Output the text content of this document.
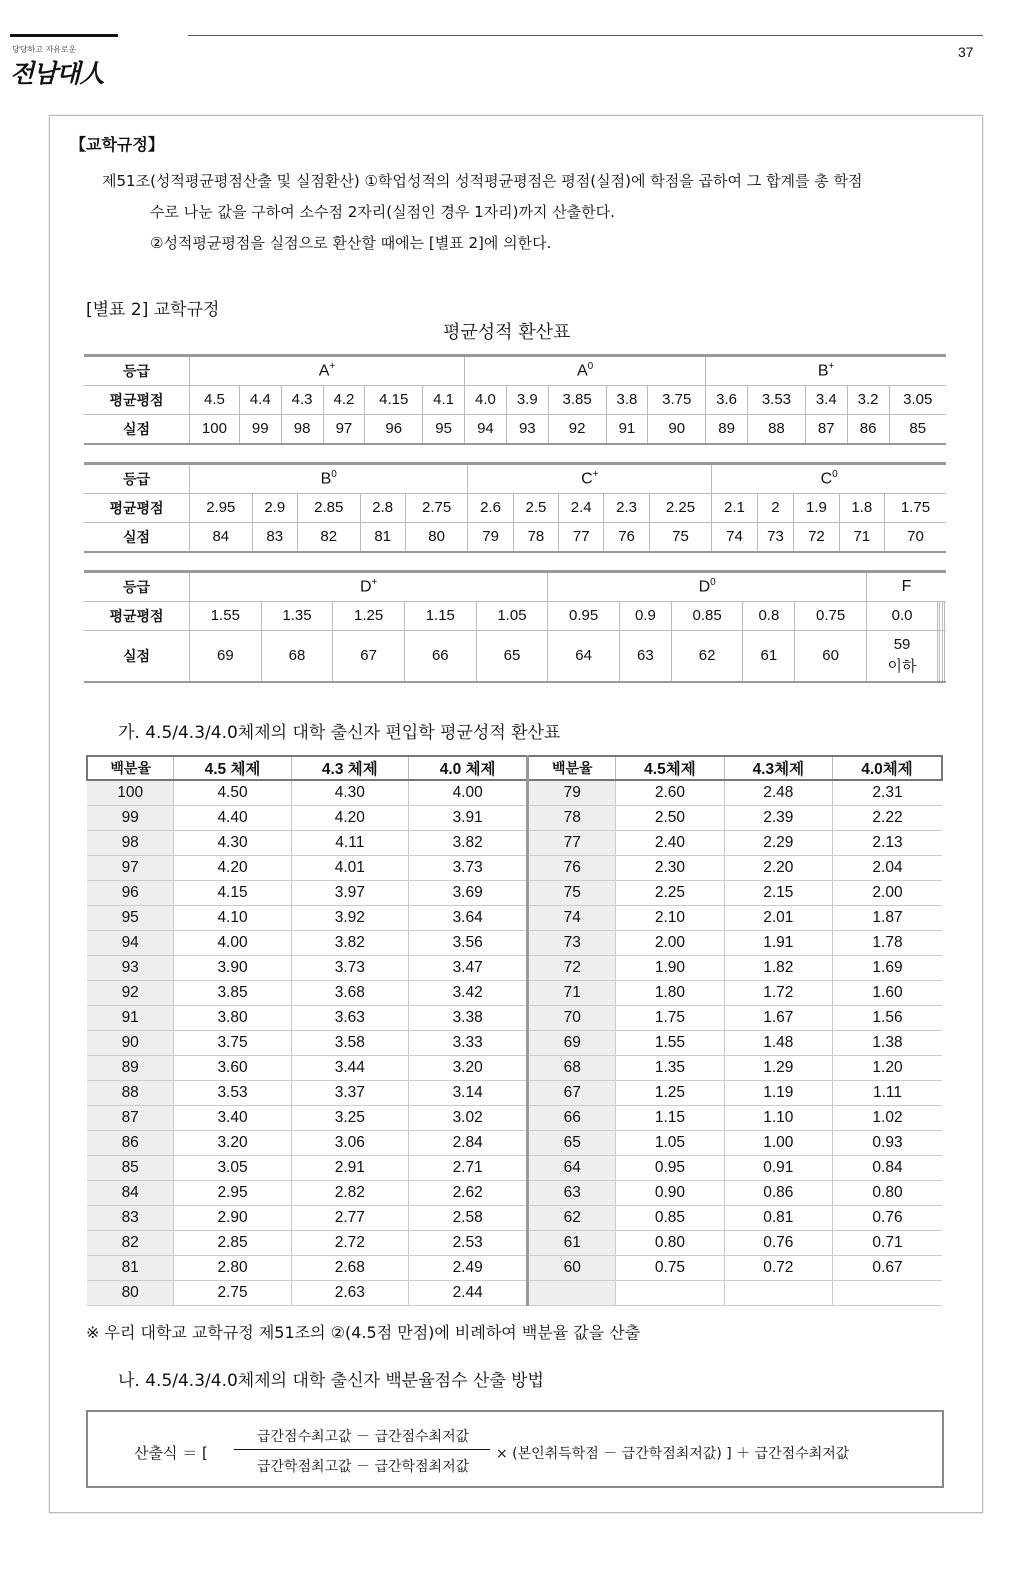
당당하고 자유로운
전남대人
37
【교학규정】
제51조(성적평균평점산출 및 실점환산) ①학업성적의 성적평균평점은 평점(실점)에 학점을 곱하여 그 합계를 총 학점
수로 나눈 값을 구하여 소수점 2자리(실점인 경우 1자리)까지 산출한다.
②성적평균평점을 실점으로 환산할 때에는 [별표 2]에 의한다.
[별표 2] 교학규정
평균성적 환산표
등급	A+						$A^0$					B+
평균평점	4.5	4.4	4.3	4.2	4.15	4.1	4.0	3.9	3.85	3.8	3.75	3.6	3.53	3.4	3.2	3.05
실점	100	99	98	97	96	95	94	93	92	91	90	89	88	87	86	85
등급	$B^0$					C+					$C^0$
평균평점	2.95	2.9	2.85	2.8	2.75	2.6	2.5	2.4	2.3	2.25	2.1	2	1.9	1.8	1.75
실점	84	83	82	81	80	79	78	77	76	75	74	73	72	71	70
등급	D+					$D^0$					F				
평균평점	1.55	1.35	1.25	1.15	1.05	0.95	0.9	0.85	0.8	0.75	0.0				
실점	69	68	67	66	65	64	63	62	61	60	59
이하				
가. 4.5/4.3/4.0체제의 대학 출신자 편입학 평균성적 환산표
백분율	4.5 체제	4.3 체제	4.0 체제	백분율	4.5체제	4.3체제	4.0체제
100	4.50	4.30	4.00	79	2.60	2.48	2.31
99	4.40	4.20	3.91	78	2.50	2.39	2.22
98	4.30	4.11	3.82	77	2.40	2.29	2.13
97	4.20	4.01	3.73	76	2.30	2.20	2.04
96	4.15	3.97	3.69	75	2.25	2.15	2.00
95	4.10	3.92	3.64	74	2.10	2.01	1.87
94	4.00	3.82	3.56	73	2.00	1.91	1.78
93	3.90	3.73	3.47	72	1.90	1.82	1.69
92	3.85	3.68	3.42	71	1.80	1.72	1.60
91	3.80	3.63	3.38	70	1.75	1.67	1.56
90	3.75	3.58	3.33	69	1.55	1.48	1.38
89	3.60	3.44	3.20	68	1.35	1.29	1.20
88	3.53	3.37	3.14	67	1.25	1.19	1.11
87	3.40	3.25	3.02	66	1.15	1.10	1.02
86	3.20	3.06	2.84	65	1.05	1.00	0.93
85	3.05	2.91	2.71	64	0.95	0.91	0.84
84	2.95	2.82	2.62	63	0.90	0.86	0.80
83	2.90	2.77	2.58	62	0.85	0.81	0.76
82	2.85	2.72	2.53	61	0.80	0.76	0.71
81	2.80	2.68	2.49	60	0.75	0.72	0.67
80	2.75	2.63	2.44				
※ 우리 대학교 교학규정 제51조의 ②(4.5점 만점)에 비례하여 백분율 값을 산출
나. 4.5/4.3/4.0체제의 대학 출신자 백분율점수 산출 방법
산출식 ＝ [
급간점수최고값 － 급간점수최저값
급간학점최고값 － 급간학점최저값
× (본인취득학점 － 급간학점최저값) ] ＋ 급간점수최저값
